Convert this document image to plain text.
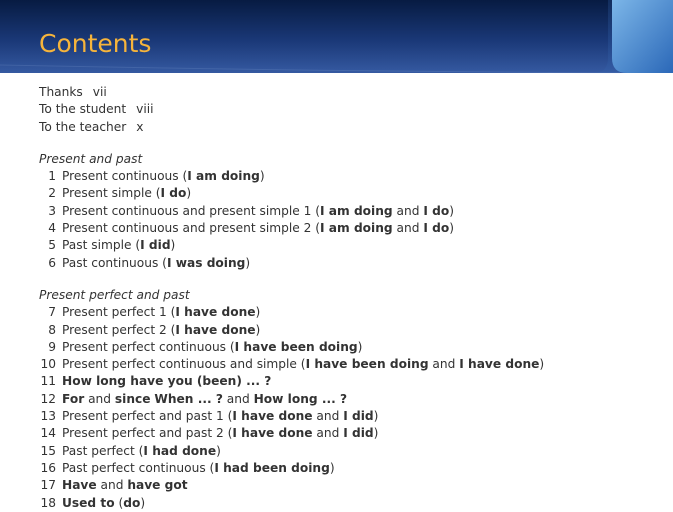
Contents
Thanks vii
To the student viii
To the teacher x
Present and past
1 Present continuous (I am doing)
2 Present simple (I do)
3 Present continuous and present simple 1 (I am doing and I do)
4 Present continuous and present simple 2 (I am doing and I do)
5 Past simple (I did)
6 Past continuous (I was doing)
Present perfect and past
7 Present perfect 1 (I have done)
8 Present perfect 2 (I have done)
9 Present perfect continuous (I have been doing)
10 Present perfect continuous and simple (I have been doing and I have done)
11 How long have you (been) ... ?
12 For and since When ... ? and How long ... ?
13 Present perfect and past 1 (I have done and I did)
14 Present perfect and past 2 (I have done and I did)
15 Past perfect (I had done)
16 Past perfect continuous (I had been doing)
17 Have and have got
18 Used to (do)
